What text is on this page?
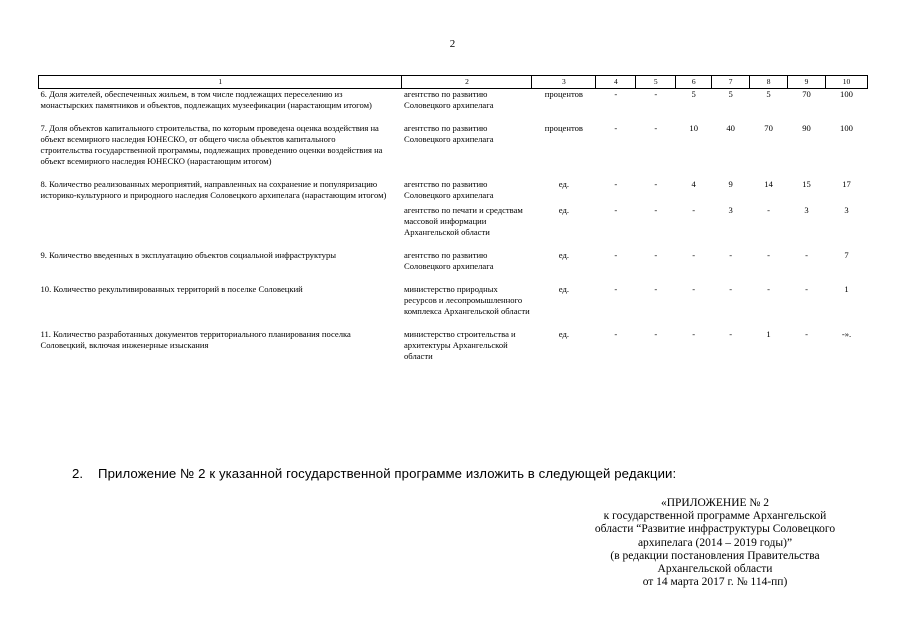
2
1	2	3	4	5	6	7	8	9	10
6. Доля жителей, обеспеченных жильем, в том числе подлежащих переселению из монастырских памятников и объектов, подлежащих музеефикации (нарастающим итогом)	агентство по развитию Соловецкого архипелага	процентов	-	-	5	5	5	70	100
7. Доля объектов капитального строительства, по которым проведена оценка воздействия на объект всемирного наследия ЮНЕСКО, от общего числа объектов капитального строительства государственной программы, подлежащих проведению оценки воздействия на объект всемирного наследия ЮНЕСКО (нарастающим итогом)	агентство по развитию Соловецкого архипелага	процентов	-	-	10	40	70	90	100
8. Количество реализованных мероприятий, направленных на сохранение и популяризацию историко-культурного и природного наследия Соловецкого архипелага (нарастающим итогом)	агентство по развитию Соловецкого архипелага	ед.	-	-	4	9	14	15	17
	агентство по печати и средствам массовой информации Архангельской области	ед.	-	-	-	3	-	3	3
9. Количество введенных в эксплуатацию объектов социальной инфраструктуры	агентство по развитию Соловецкого архипелага	ед.	-	-	-	-	-	-	7
10. Количество рекультивированных территорий в поселке Соловецкий	министерство природных ресурсов и лесопромышленного комплекса Архангельской области	ед.	-	-	-	-	-	-	1
11. Количество разработанных документов территориального планирования поселка Соловецкий, включая инженерные изыскания	министерство строительства и архитектуры Архангельской области	ед.	-	-	-	-	1	-	-».
2. Приложение № 2 к указанной государственной программе изложить в следующей редакции:
«ПРИЛОЖЕНИЕ № 2
к государственной программе Архангельской
области “Развитие инфраструктуры Соловецкого
архипелага (2014 – 2019 годы)”
(в редакции постановления Правительства
Архангельской области
от 14 марта 2017 г. № 114-пп)
